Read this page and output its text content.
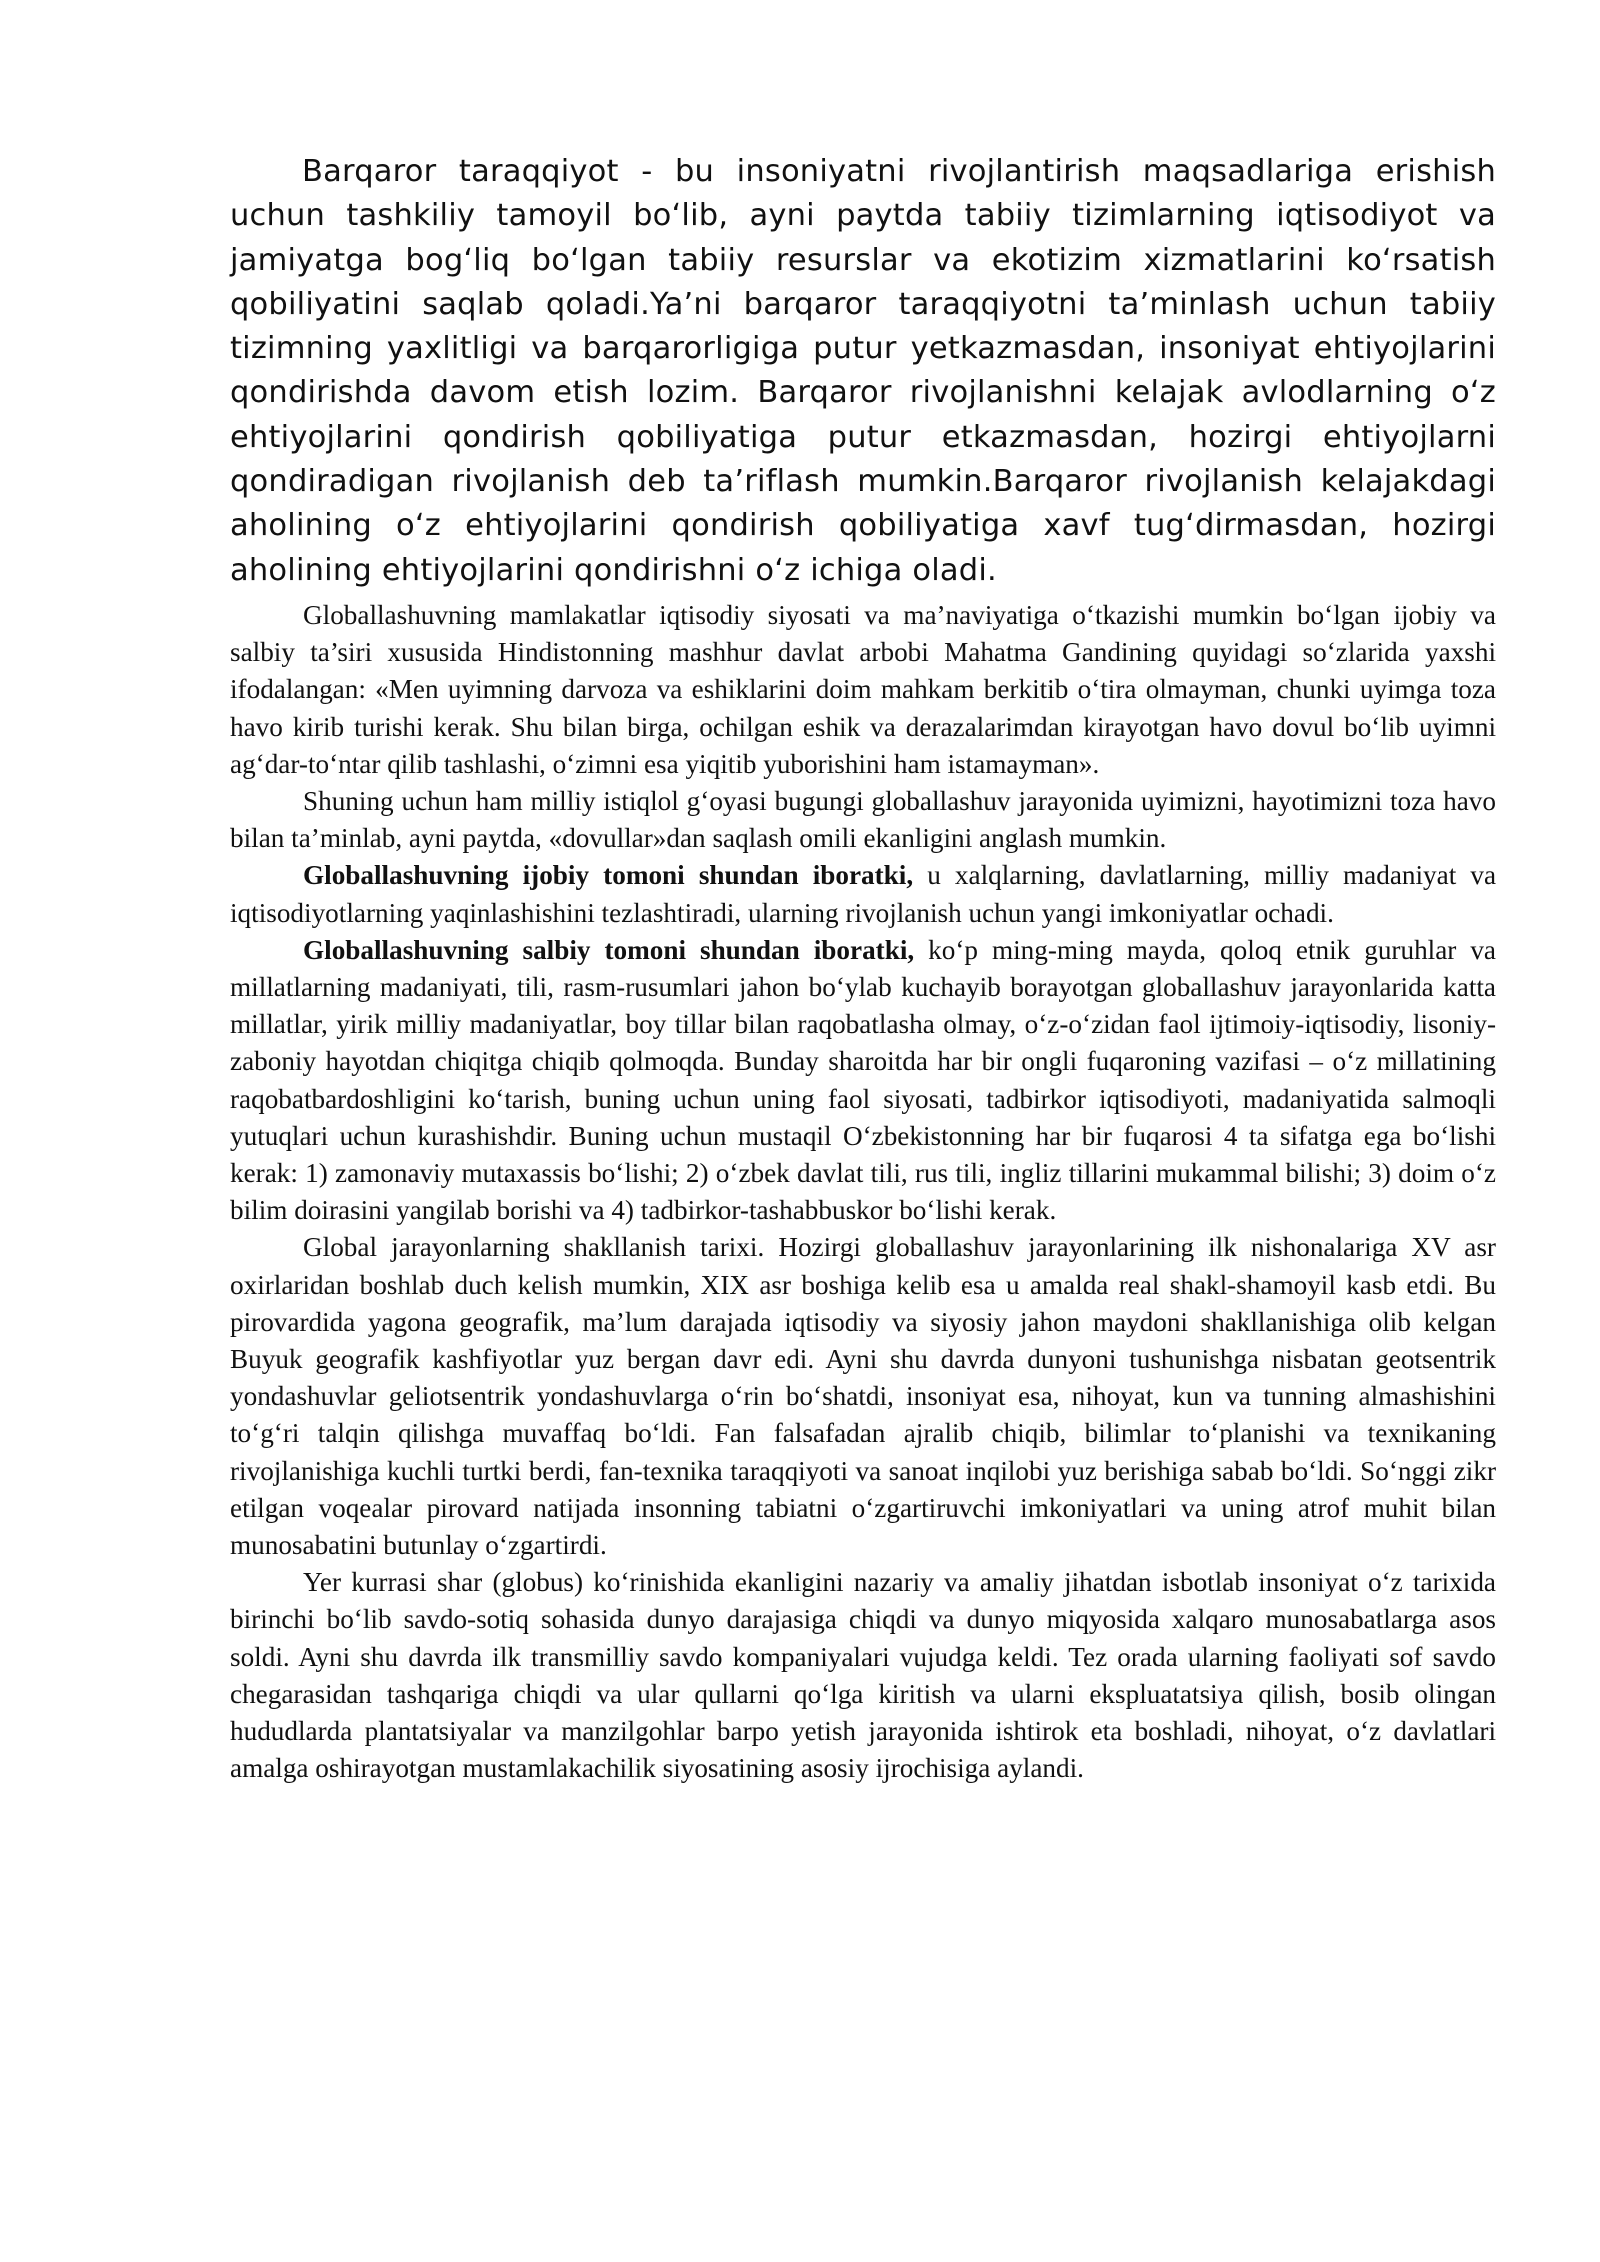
Barqaror taraqqiyot - bu insoniyatni rivojlantirish maqsadlariga erishish uchun tashkiliy tamoyil bo‘lib, ayni paytda tabiiy tizimlarning iqtisodiyot va jamiyatga bog‘liq bo‘lgan tabiiy resurslar va ekotizim xizmatlarini ko‘rsatish qobiliyatini saqlab qoladi.Ya’ni barqaror taraqqiyotni ta’minlash uchun tabiiy tizimning yaxlitligi va barqarorligiga putur yetkazmasdan, insoniyat ehtiyojlarini qondirishda davom etish lozim. Barqaror rivojlanishni kelajak avlodlarning o‘z ehtiyojlarini qondirish qobiliyatiga putur etkazmasdan, hozirgi ehtiyojlarni qondiradigan rivojlanish deb ta’riflash mumkin.Barqaror rivojlanish kelajakdagi aholining o‘z ehtiyojlarini qondirish qobiliyatiga xavf tug‘dirmasdan, hozirgi aholining ehtiyojlarini qondirishni o‘z ichiga oladi.

Globallashuvning mamlakatlar iqtisodiy siyosati va ma’naviyatiga o‘tkazishi mumkin bo‘lgan ijobiy va salbiy ta’siri xususida Hindistonning mashhur davlat arbobi Mahatma Gandining quyidagi so‘zlarida yaxshi ifodalangan: «Men uyimning darvoza va eshiklarini doim mahkam berkitib o‘tira olmayman, chunki uyimga toza havo kirib turishi kerak. Shu bilan birga, ochilgan eshik va derazalarimdan kirayotgan havo dovul bo‘lib uyimni ag‘dar-to‘ntar qilib tashlashi, o‘zimni esa yiqitib yuborishini ham istamayman».

Shuning uchun ham milliy istiqlol g‘oyasi bugungi globallashuv jarayonida uyimizni, hayotimizni toza havo bilan ta’minlab, ayni paytda, «dovullar»dan saqlash omili ekanligini anglash mumkin.

Globallashuvning ijobiy tomoni shundan iboratki, u xalqlarning, davlatlarning, milliy madaniyat va iqtisodiyotlarning yaqinlashishini tezlashtiradi, ularning rivojlanish uchun yangi imkoniyatlar ochadi.

Globallashuvning salbiy tomoni shundan iboratki, ko‘p ming-ming mayda, qoloq etnik guruhlar va millatlarning madaniyati, tili, rasm-rusumlari jahon bo‘ylab kuchayib borayotgan globallashuv jarayonlarida katta millatlar, yirik milliy madaniyatlar, boy tillar bilan raqobatlasha olmay, o‘z-o‘zidan faol ijtimoiy-iqtisodiy, lisoniy-zaboniy hayotdan chiqitga chiqib qolmoqda. Bunday sharoitda har bir ongli fuqaroning vazifasi – o‘z millatining raqobatbardoshligini ko‘tarish, buning uchun uning faol siyosati, tadbirkor iqtisodiyoti, madaniyatida salmoqli yutuqlari uchun kurashishdir. Buning uchun mustaqil O‘zbekistonning har bir fuqarosi 4 ta sifatga ega bo‘lishi kerak: 1) zamonaviy mutaxassis bo‘lishi; 2) o‘zbek davlat tili, rus tili, ingliz tillarini mukammal bilishi; 3) doim o‘z bilim doirasini yangilab borishi va 4) tadbirkor-tashabbuskor bo‘lishi kerak.

Global jarayonlarning shakllanish tarixi. Hozirgi globallashuv jarayonlarining ilk nishonalariga XV asr oxirlaridan boshlab duch kelish mumkin, XIX asr boshiga kelib esa u amalda real shakl-shamoyil kasb etdi. Bu pirovardida yagona geografik, ma’lum darajada iqtisodiy va siyosiy jahon maydoni shakllanishiga olib kelgan Buyuk geografik kashfiyotlar yuz bergan davr edi. Ayni shu davrda dunyoni tushunishga nisbatan geotsentrik yondashuvlar geliotsentrik yondashuvlarga o‘rin bo‘shatdi, insoniyat esa, nihoyat, kun va tunning almashishini to‘g‘ri talqin qilishga muvaffaq bo‘ldi. Fan falsafadan ajralib chiqib, bilimlar to‘planishi va texnikaning rivojlanishiga kuchli turtki berdi, fan-texnika taraqqiyoti va sanoat inqilobi yuz berishiga sabab bo‘ldi. So‘nggi zikr etilgan voqealar pirovard natijada insonning tabiatni o‘zgartiruvchi imkoniyatlari va uning atrof muhit bilan munosabatini butunlay o‘zgartirdi.

Yer kurrasi shar (globus) ko‘rinishida ekanligini nazariy va amaliy jihatdan isbotlab insoniyat o‘z tarixida birinchi bo‘lib savdo-sotiq sohasida dunyo darajasiga chiqdi va dunyo miqyosida xalqaro munosabatlarga asos soldi. Ayni shu davrda ilk transmilliy savdo kompaniyalari vujudga keldi. Tez orada ularning faoliyati sof savdo chegarasidan tashqariga chiqdi va ular qullarni qo‘lga kiritish va ularni ekspluatatsiya qilish, bosib olingan hududlarda plantatsiyalar va manzilgohlar barpo yetish jarayonida ishtirok eta boshladi, nihoyat, o‘z davlatlari amalga oshirayotgan mustamlakachilik siyosatining asosiy ijrochisiga aylandi.
